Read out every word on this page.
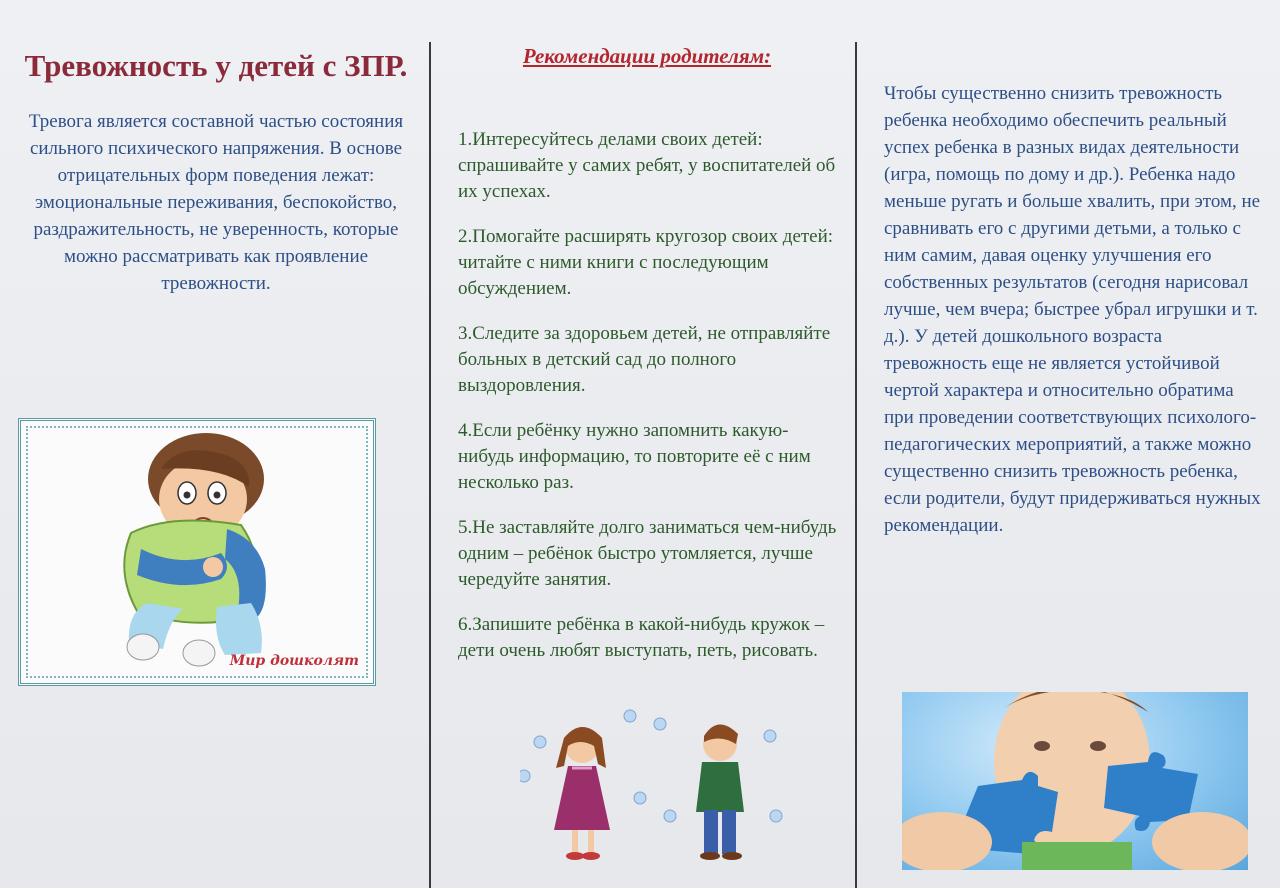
Тревожность у детей с ЗПР.
Тревога является составной частью состояния сильного психического напряжения. В основе отрицательных форм поведения лежат: эмоциональные переживания, беспокойство, раздражительность, не уверенность, которые можно рассматривать как проявление тревожности.
Мир дошколят
Рекомендации родителям:
1.Интересуйтесь делами своих детей: спрашивайте у самих ребят, у воспитателей об их успехах.
2.Помогайте расширять кругозор своих детей: читайте с ними книги с последующим обсуждением.
3.Следите за здоровьем детей, не отправляйте больных в детский сад до полного выздоровления.
4.Если ребёнку нужно запомнить какую-нибудь информацию, то повторите её с ним несколько раз.
5.Не заставляйте долго заниматься чем-нибудь одним – ребёнок быстро утомляется, лучше чередуйте занятия.
6.Запишите ребёнка в какой-нибудь кружок – дети очень любят выступать, петь, рисовать.
Чтобы существенно снизить тревожность ребенка необходимо обеспечить реальный успех ребенка в разных видах деятельности (игра, помощь по дому и др.). Ребенка надо меньше ругать и больше хвалить, при этом, не сравнивать его с другими детьми, а только с ним самим, давая оценку улучшения его собственных результатов (сегодня нарисовал лучше, чем вчера; быстрее убрал игрушки и т. д.). У детей дошкольного возраста тревожность еще не является устойчивой чертой характера и относительно обратима при проведении соответствующих психолого-педагогических мероприятий, а также можно существенно снизить тревожность ребенка, если родители, будут придерживаться нужных рекомендации.
